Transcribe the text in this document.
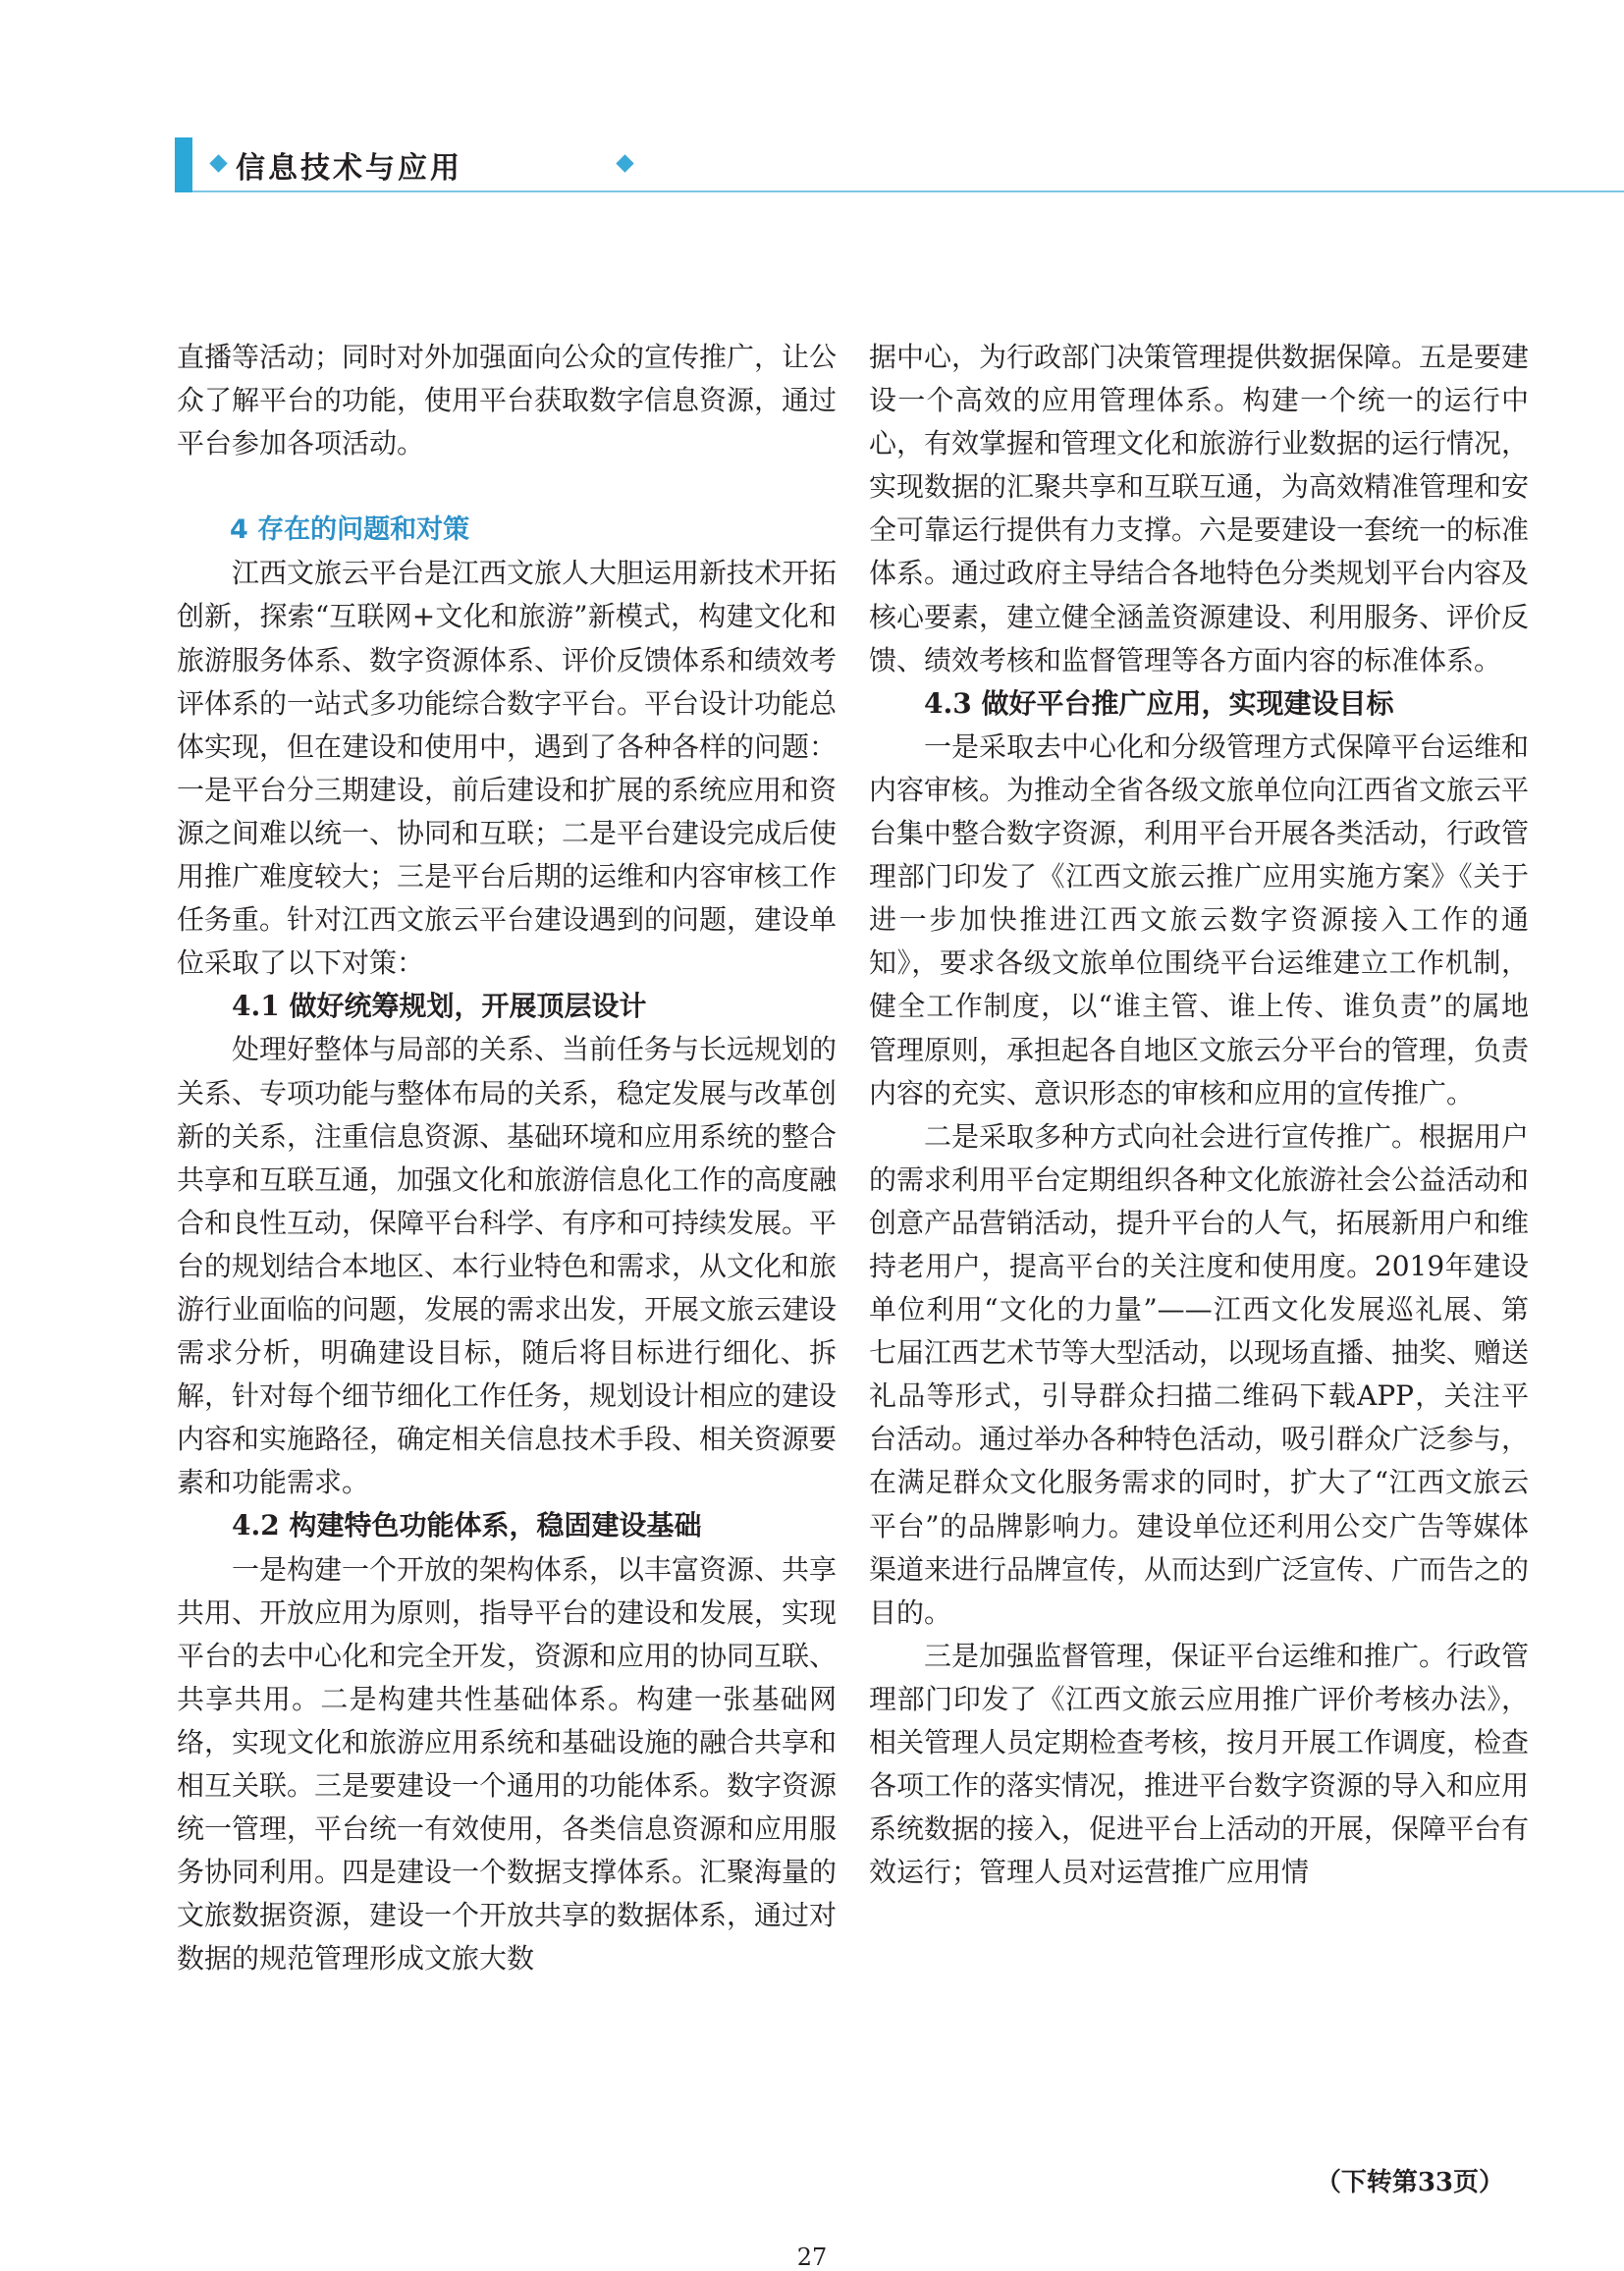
信息技术与应用

直播等活动；同时对外加强面向公众的宣传推广，让公众了解平台的功能，使用平台获取数字信息资源，通过平台参加各项活动。

4 存在的问题和对策

江西文旅云平台是江西文旅人大胆运用新技术开拓创新，探索“互联网+文化和旅游”新模式，构建文化和旅游服务体系、数字资源体系、评价反馈体系和绩效考评体系的一站式多功能综合数字平台。平台设计功能总体实现，但在建设和使用中，遇到了各种各样的问题：一是平台分三期建设，前后建设和扩展的系统应用和资源之间难以统一、协同和互联；二是平台建设完成后使用推广难度较大；三是平台后期的运维和内容审核工作任务重。针对江西文旅云平台建设遇到的问题，建设单位采取了以下对策：

4.1 做好统筹规划，开展顶层设计

处理好整体与局部的关系、当前任务与长远规划的关系、专项功能与整体布局的关系，稳定发展与改革创新的关系，注重信息资源、基础环境和应用系统的整合共享和互联互通，加强文化和旅游信息化工作的高度融合和良性互动，保障平台科学、有序和可持续发展。平台的规划结合本地区、本行业特色和需求，从文化和旅游行业面临的问题，发展的需求出发，开展文旅云建设需求分析，明确建设目标，随后将目标进行细化、拆解，针对每个细节细化工作任务，规划设计相应的建设内容和实施路径，确定相关信息技术手段、相关资源要素和功能需求。

4.2 构建特色功能体系，稳固建设基础

一是构建一个开放的架构体系，以丰富资源、共享共用、开放应用为原则，指导平台的建设和发展，实现平台的去中心化和完全开发，资源和应用的协同互联、共享共用。二是构建共性基础体系。构建一张基础网络，实现文化和旅游应用系统和基础设施的融合共享和相互关联。三是要建设一个通用的功能体系。数字资源统一管理，平台统一有效使用，各类信息资源和应用服务协同利用。四是建设一个数据支撑体系。汇聚海量的文旅数据资源，建设一个开放共享的数据体系，通过对数据的规范管理形成文旅大数

据中心，为行政部门决策管理提供数据保障。五是要建设一个高效的应用管理体系。构建一个统一的运行中心，有效掌握和管理文化和旅游行业数据的运行情况，实现数据的汇聚共享和互联互通，为高效精准管理和安全可靠运行提供有力支撑。六是要建设一套统一的标准体系。通过政府主导结合各地特色分类规划平台内容及核心要素，建立健全涵盖资源建设、利用服务、评价反馈、绩效考核和监督管理等各方面内容的标准体系。

4.3 做好平台推广应用，实现建设目标

一是采取去中心化和分级管理方式保障平台运维和内容审核。为推动全省各级文旅单位向江西省文旅云平台集中整合数字资源，利用平台开展各类活动，行政管理部门印发了《江西文旅云推广应用实施方案》《关于进一步加快推进江西文旅云数字资源接入工作的通知》，要求各级文旅单位围绕平台运维建立工作机制，健全工作制度，以“谁主管、谁上传、谁负责”的属地管理原则，承担起各自地区文旅云分平台的管理，负责内容的充实、意识形态的审核和应用的宣传推广。

二是采取多种方式向社会进行宣传推广。根据用户的需求利用平台定期组织各种文化旅游社会公益活动和创意产品营销活动，提升平台的人气，拓展新用户和维持老用户，提高平台的关注度和使用度。2019年建设单位利用“文化的力量”——江西文化发展巡礼展、第七届江西艺术节等大型活动，以现场直播、抽奖、赠送礼品等形式，引导群众扫描二维码下载APP，关注平台活动。通过举办各种特色活动，吸引群众广泛参与，在满足群众文化服务需求的同时，扩大了“江西文旅云平台”的品牌影响力。建设单位还利用公交广告等媒体渠道来进行品牌宣传，从而达到广泛宣传、广而告之的目的。

三是加强监督管理，保证平台运维和推广。行政管理部门印发了《江西文旅云应用推广评价考核办法》，相关管理人员定期检查考核，按月开展工作调度，检查各项工作的落实情况，推进平台数字资源的导入和应用系统数据的接入，促进平台上活动的开展，保障平台有效运行；管理人员对运营推广应用情

（下转第33页）
27
